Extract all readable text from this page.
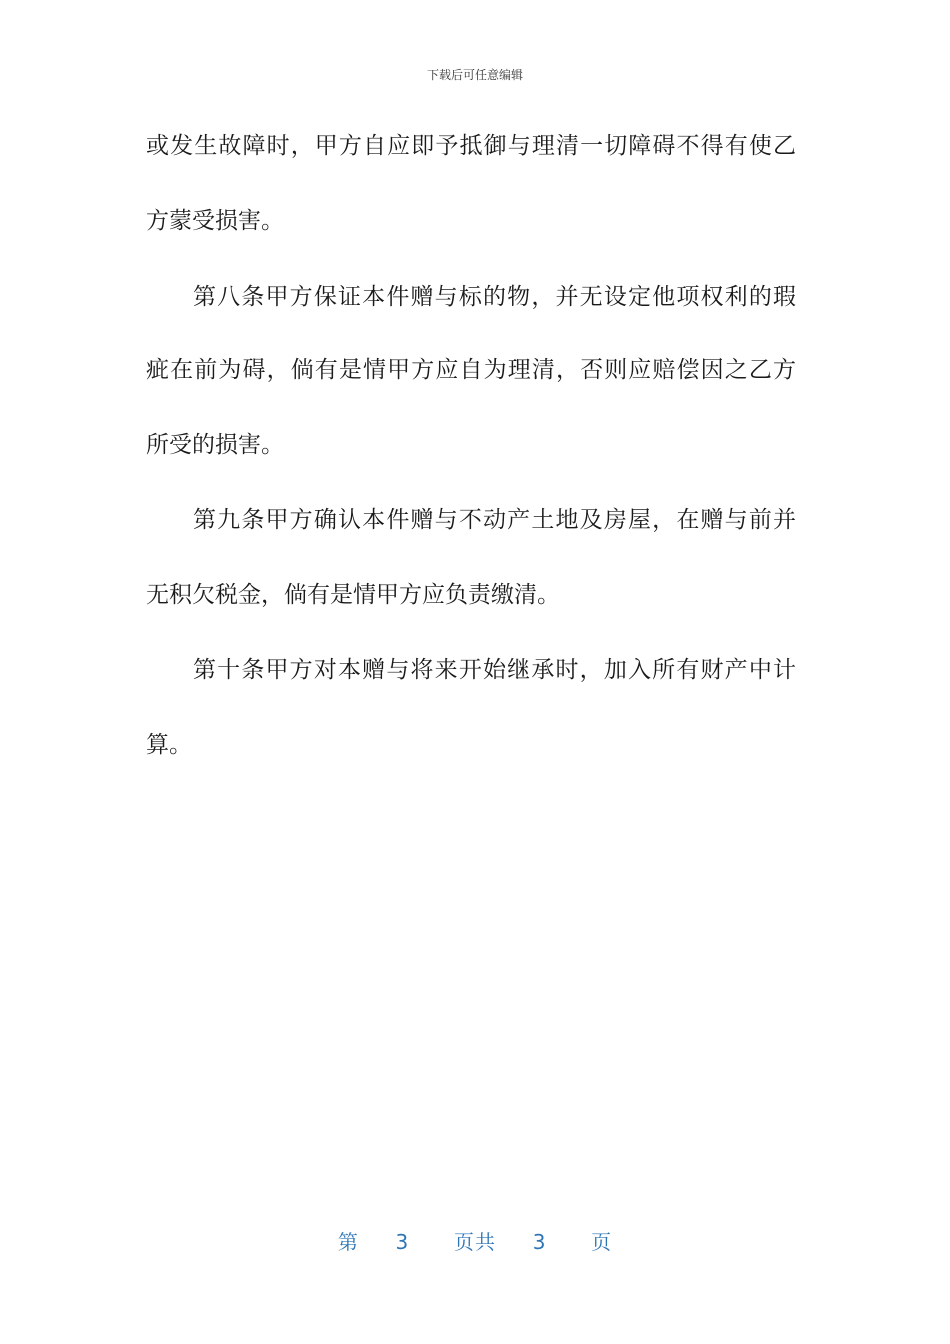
下载后可任意编辑
或发生故障时，甲方自应即予抵御与理清一切障碍不得有使乙
方蒙受损害。
第八条甲方保证本件赠与标的物，并无设定他项权利的瑕
疵在前为碍，倘有是情甲方应自为理清，否则应赔偿因之乙方
所受的损害。
第九条甲方确认本件赠与不动产土地及房屋，在赠与前并
无积欠税金，倘有是情甲方应负责缴清。
第十条甲方对本赠与将来开始继承时，加入所有财产中计
算。
第 3 页共 3 页
